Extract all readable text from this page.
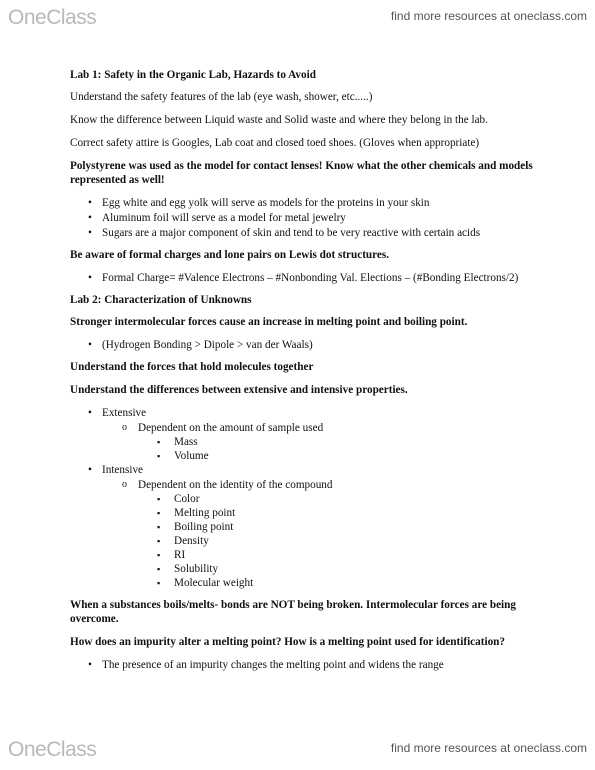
OneClass	find more resources at oneclass.com
Lab 1: Safety in the Organic Lab, Hazards to Avoid
Understand the safety features of the lab (eye wash, shower, etc.....)
Know the difference between Liquid waste and Solid waste and where they belong in the lab.
Correct safety attire is Googles, Lab coat and closed toed shoes. (Gloves when appropriate)
Polystyrene was used as the model for contact lenses! Know what the other chemicals and models represented as well!
• Egg white and egg yolk will serve as models for the proteins in your skin
• Aluminum foil will serve as a model for metal jewelry
• Sugars are a major component of skin and tend to be very reactive with certain acids
Be aware of formal charges and lone pairs on Lewis dot structures.
• Formal Charge= #Valence Electrons – #Nonbonding Val. Elections – (#Bonding Electrons/2)
Lab 2: Characterization of Unknowns
Stronger intermolecular forces cause an increase in melting point and boiling point.
• (Hydrogen Bonding > Dipole > van der Waals)
Understand the forces that hold molecules together
Understand the differences between extensive and intensive properties.
• Extensive
o Dependent on the amount of sample used
▪ Mass
▪ Volume
• Intensive
o Dependent on the identity of the compound
▪ Color
▪ Melting point
▪ Boiling point
▪ Density
▪ RI
▪ Solubility
▪ Molecular weight
When a substances boils/melts- bonds are NOT being broken. Intermolecular forces are being overcome.
How does an impurity alter a melting point? How is a melting point used for identification?
• The presence of an impurity changes the melting point and widens the range
OneClass	find more resources at oneclass.com
